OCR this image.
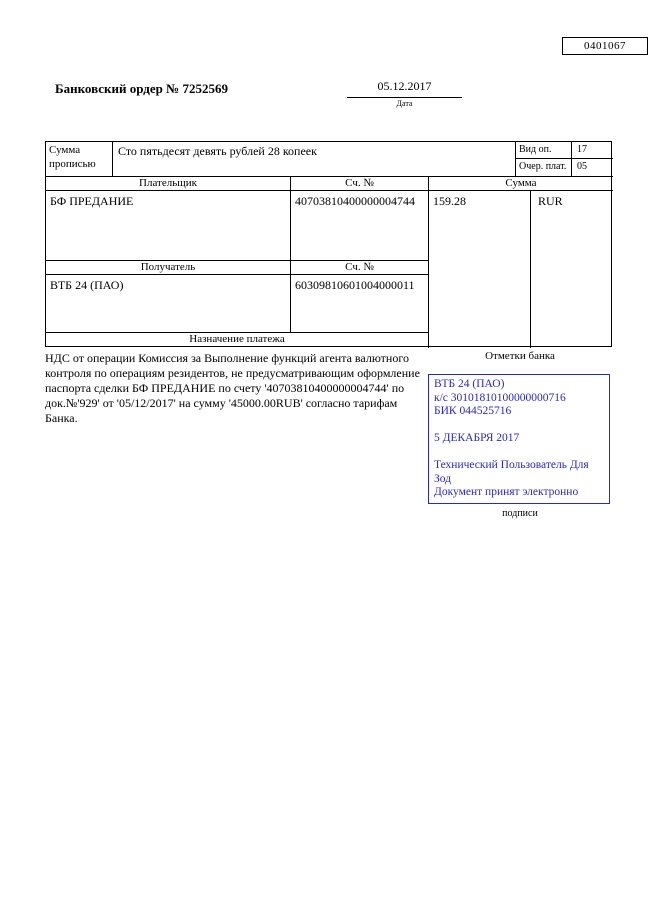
0401067
Банковский ордер № 7252569	05.12.2017
Дата
Сумма прописью
Сто пятьдесят девять рублей 28 копеек	Вид оп.	17
Очер. плат.	05
Плательщик	Сч. №	Сумма
БФ ПРЕДАНИЕ	40703810400000004744	159.28	RUR
Получатель	Сч. №
ВТБ 24 (ПАО)	60309810601004000011
Назначение платежа
НДС от операции Комиссия за Выполнение функций агента валютного контроля по операциям резидентов, не предусматривающим оформление паспорта сделки БФ ПРЕДАНИЕ по счету '40703810400000004744' по док.№'929' от '05/12/2017' на сумму '45000.00RUB' согласно тарифам Банка.
Отметки банка
ВТБ 24 (ПАО)
к/с 30101810100000000716
БИК 044525716
5 ДЕКАБРЯ 2017
Технический Пользователь Для Зод
Документ принят электронно
подписи
